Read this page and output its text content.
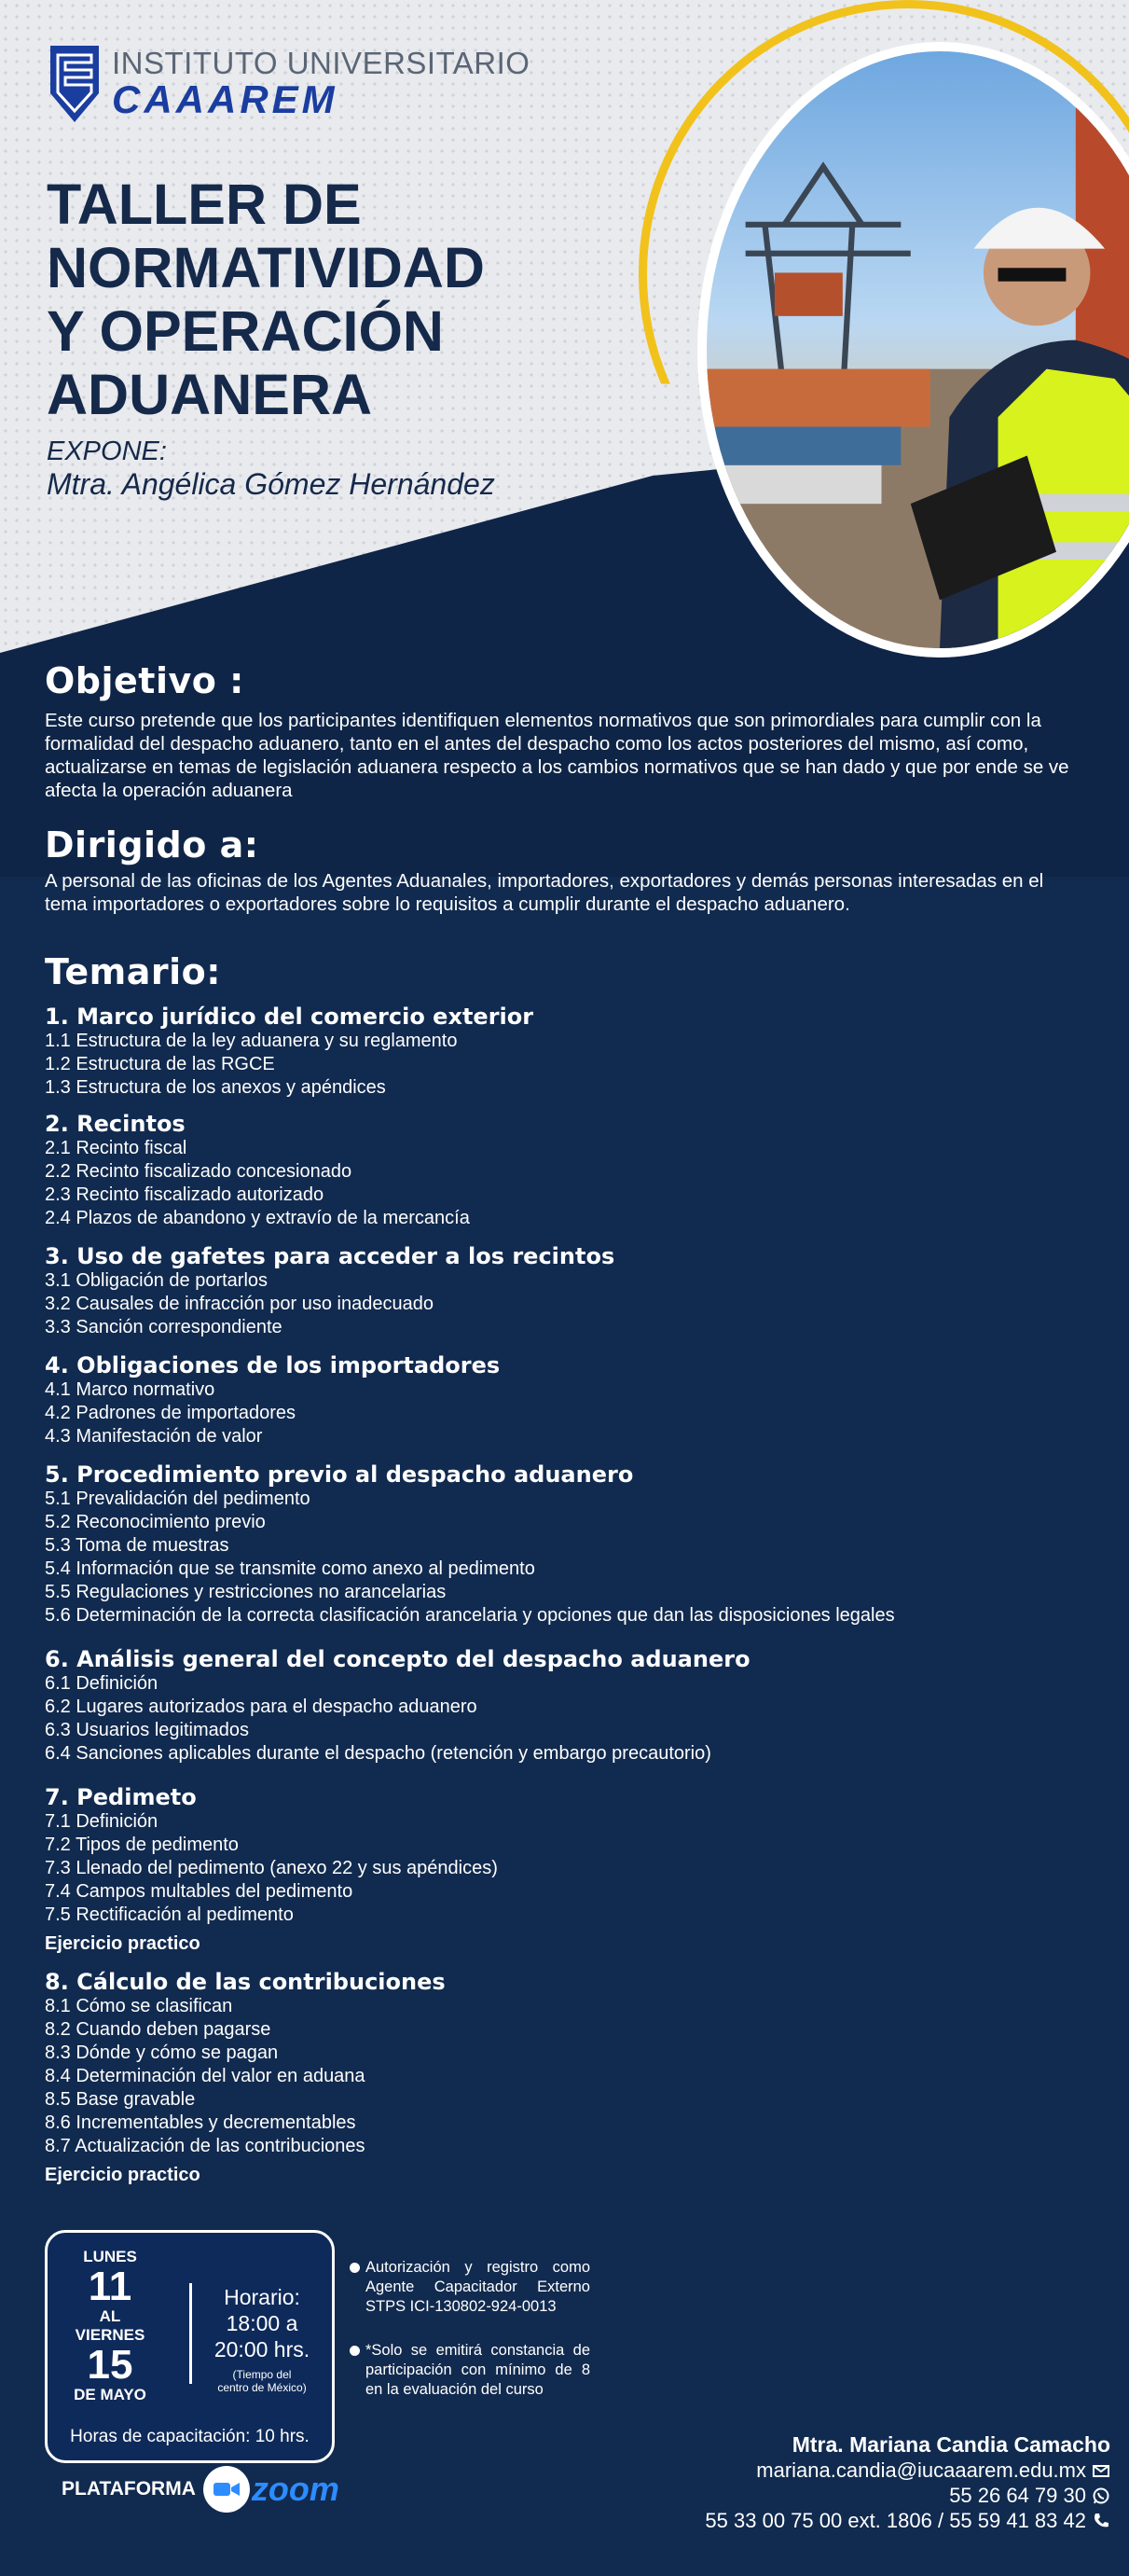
INSTITUTO UNIVERSITARIO
CAAAREM
TALLER DE
NORMATIVIDAD
Y OPERACIÓN
ADUANERA
EXPONE:
Mtra. Angélica Gómez Hernández
Objetivo :

Este curso pretende que los participantes identifiquen elementos normativos que son primordiales para cumplir con la formalidad del despacho aduanero, tanto en el antes del despacho como los actos posteriores del mismo, así como, actualizarse en temas de legislación aduanera respecto a los cambios normativos que se han dado y que por ende se ve afecta la operación aduanera

Dirigido a:

A personal de las oficinas de los Agentes Aduanales, importadores, exportadores y demás personas interesadas en el tema importadores o exportadores sobre lo requisitos a cumplir durante el despacho aduanero.

Temario:
1. Marco jurídico del comercio exterior
1.1 Estructura de la ley aduanera y su reglamento
1.2 Estructura de las RGCE
1.3 Estructura de los anexos y apéndices
2. Recintos
2.1 Recinto fiscal
2.2 Recinto fiscalizado concesionado
2.3 Recinto fiscalizado autorizado
2.4 Plazos de abandono y extravío de la mercancía
3. Uso de gafetes para acceder a los recintos
3.1 Obligación de portarlos
3.2 Causales de infracción por uso inadecuado
3.3 Sanción correspondiente
4. Obligaciones de los importadores
4.1 Marco normativo
4.2 Padrones de importadores
4.3 Manifestación de valor
5. Procedimiento previo al despacho aduanero
5.1 Prevalidación del pedimento
5.2 Reconocimiento previo
5.3 Toma de muestras
5.4 Información que se transmite como anexo al pedimento
5.5 Regulaciones y restricciones no arancelarias
5.6 Determinación de la correcta clasificación arancelaria y opciones que dan las disposiciones legales
6. Análisis general del concepto del despacho aduanero
6.1 Definición
6.2 Lugares autorizados para el despacho aduanero
6.3 Usuarios legitimados
6.4 Sanciones aplicables durante el despacho (retención y embargo precautorio)
7. Pedimeto
7.1 Definición
7.2 Tipos de pedimento
7.3 Llenado del pedimento (anexo 22 y sus apéndices)
7.4 Campos multables del pedimento
7.5 Rectificación al pedimento
Ejercicio practico
8. Cálculo de las contribuciones
8.1 Cómo se clasifican
8.2 Cuando deben pagarse
8.3 Dónde y cómo se pagan
8.4 Determinación del valor en aduana
8.5 Base gravable
8.6 Incrementables y decrementables
8.7 Actualización de las contribuciones
Ejercicio practico
LUNES
11
AL
VIERNES
15
DE MAYO
Horario:
18:00 a
20:00 hrs.
(Tiempo del
centro de México)
Horas de capacitación: 10 hrs.
Autorización y registro como Agente Capacitador Externo STPS ICI-130802-924-0013
*Solo se emitirá constancia de participación con mínimo de 8 en la evaluación del curso
PLATAFORMA zoom
Mtra. Mariana Candia Camacho
mariana.candia@iucaaarem.edu.mx
55 26 64 79 30
55 33 00 75 00 ext. 1806 / 55 59 41 83 42
